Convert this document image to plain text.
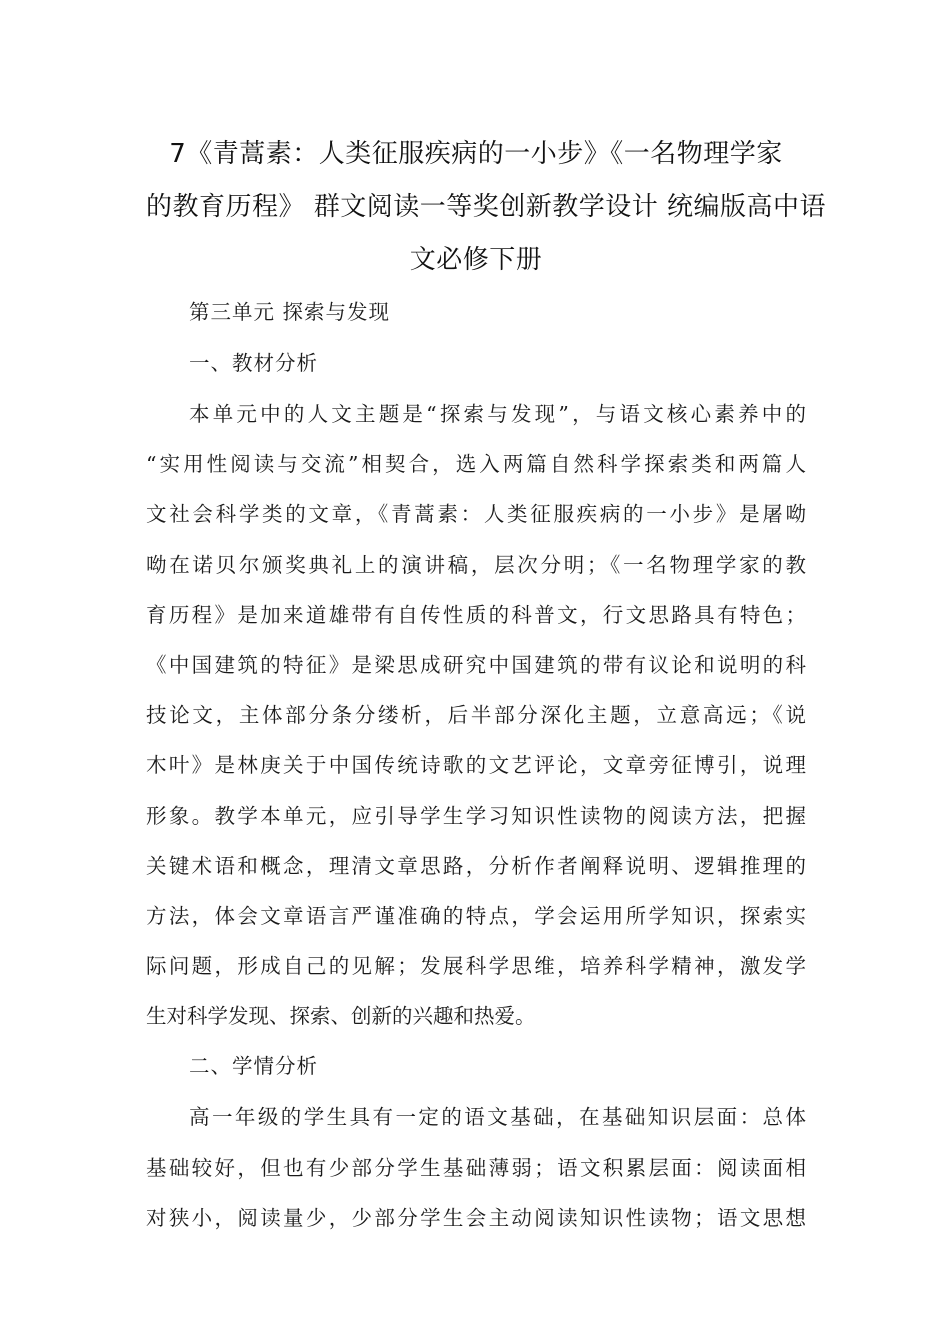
7《青蒿素：人类征服疾病的一小步》《一名物理学家
的教育历程》 群文阅读一等奖创新教学设计 统编版高中语
文必修下册
第三单元 探索与发现
一、教材分析

本单元中的人文主题是“探索与发现”，与语文核心素养中的
“实用性阅读与交流”相契合，选入两篇自然科学探索类和两篇人
文社会科学类的文章，《青蒿素：人类征服疾病的一小步》是屠呦
呦在诺贝尔颁奖典礼上的演讲稿，层次分明；《一名物理学家的教
育历程》是加来道雄带有自传性质的科普文，行文思路具有特色；
《中国建筑的特征》是梁思成研究中国建筑的带有议论和说明的科
技论文，主体部分条分缕析，后半部分深化主题，立意高远；《说
木叶》是林庚关于中国传统诗歌的文艺评论，文章旁征博引，说理
形象。教学本单元，应引导学生学习知识性读物的阅读方法，把握
关键术语和概念，理清文章思路，分析作者阐释说明、逻辑推理的
方法，体会文章语言严谨准确的特点，学会运用所学知识，探索实
际问题，形成自己的见解；发展科学思维，培养科学精神，激发学
生对科学发现、探索、创新的兴趣和热爱。

二、学情分析

高一年级的学生具有一定的语文基础，在基础知识层面：总体
基础较好，但也有少部分学生基础薄弱；语文积累层面：阅读面相
对狭小，阅读量少，少部分学生会主动阅读知识性读物；语文思想
